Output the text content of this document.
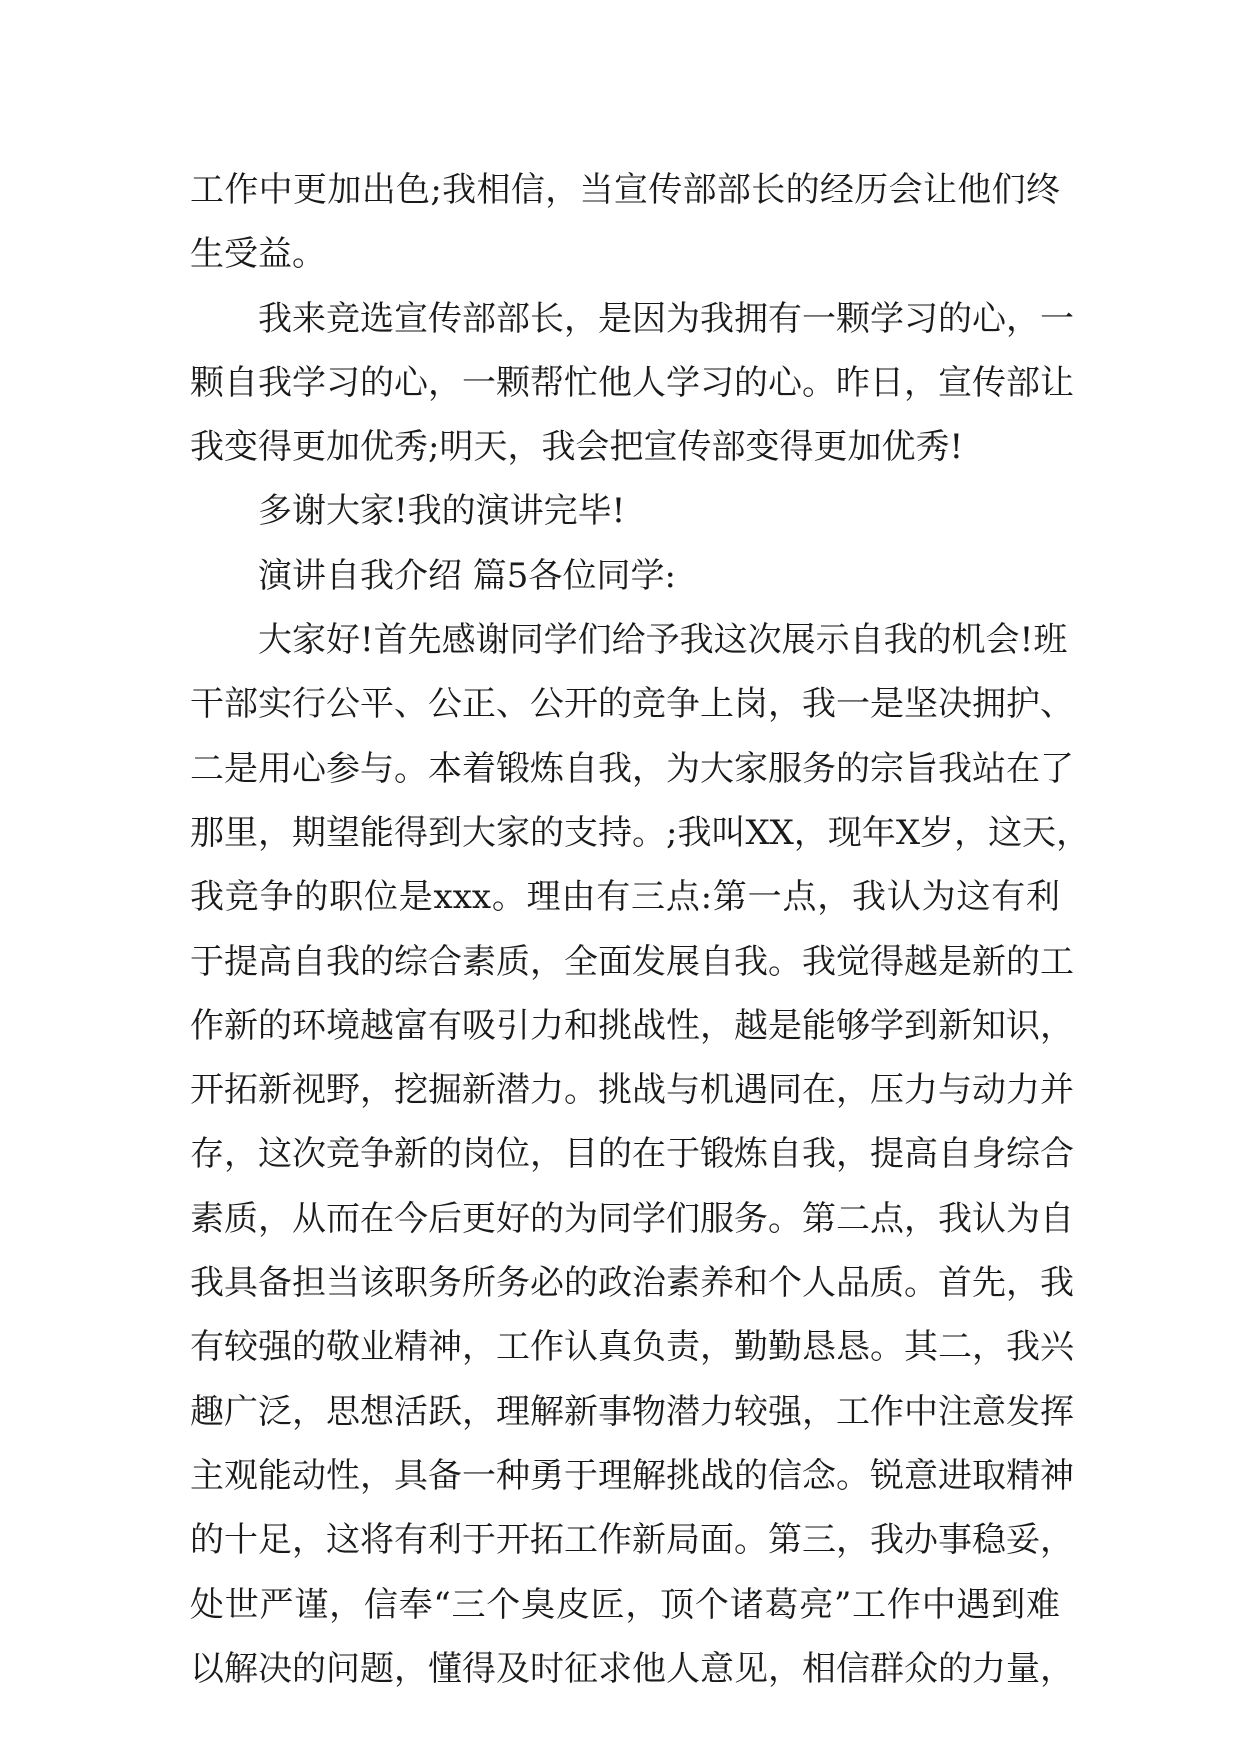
工作中更加出色;我相信，当宣传部部长的经历会让他们终
生受益。
我来竞选宣传部部长，是因为我拥有一颗学习的心，一
颗自我学习的心，一颗帮忙他人学习的心。昨日，宣传部让
我变得更加优秀;明天，我会把宣传部变得更加优秀!
多谢大家!我的演讲完毕!
演讲自我介绍 篇5各位同学:
大家好!首先感谢同学们给予我这次展示自我的机会!班
干部实行公平、公正、公开的竞争上岗，我一是坚决拥护、
二是用心参与。本着锻炼自我，为大家服务的宗旨我站在了
那里，期望能得到大家的支持。;我叫XX，现年X岁，这天，
我竞争的职位是xxx。理由有三点:第一点，我认为这有利
于提高自我的综合素质，全面发展自我。我觉得越是新的工
作新的环境越富有吸引力和挑战性，越是能够学到新知识，
开拓新视野，挖掘新潜力。挑战与机遇同在，压力与动力并
存，这次竞争新的岗位，目的在于锻炼自我，提高自身综合
素质，从而在今后更好的为同学们服务。第二点，我认为自
我具备担当该职务所务必的政治素养和个人品质。首先，我
有较强的敬业精神，工作认真负责，勤勤恳恳。其二，我兴
趣广泛，思想活跃，理解新事物潜力较强，工作中注意发挥
主观能动性，具备一种勇于理解挑战的信念。锐意进取精神
的十足，这将有利于开拓工作新局面。第三，我办事稳妥，
处世严谨，信奉“三个臭皮匠，顶个诸葛亮”工作中遇到难
以解决的问题，懂得及时征求他人意见，相信群众的力量，
